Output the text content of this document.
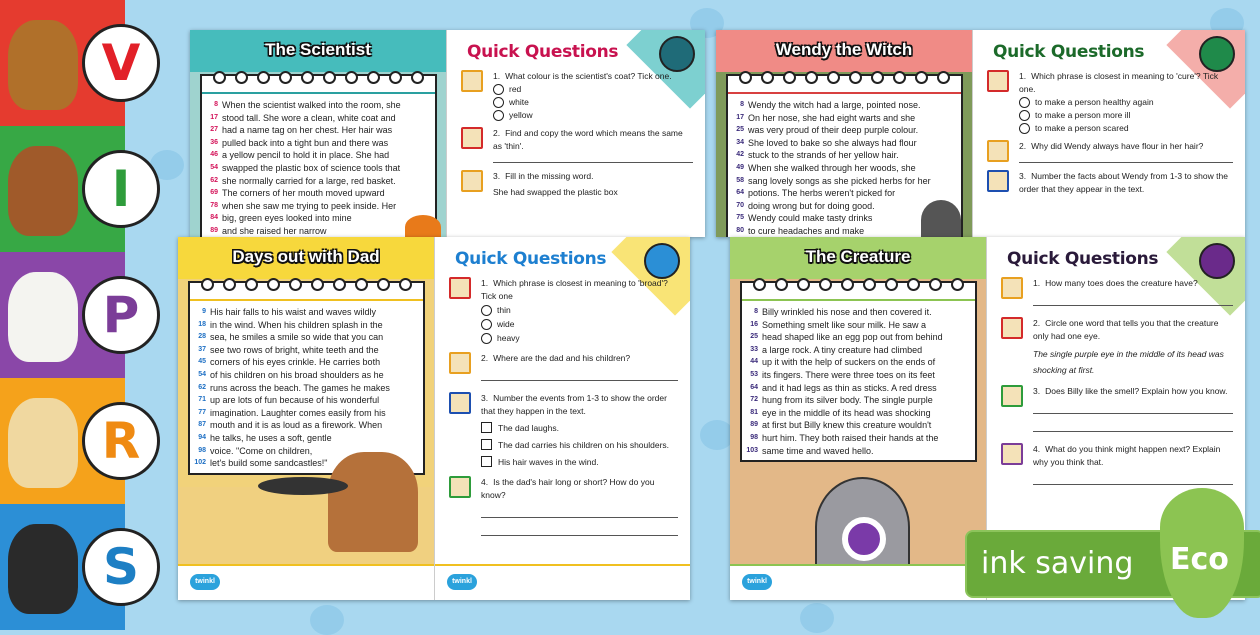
V
I
P
R
S
The Scientist
8 When the scientist walked into the room, she
17 stood tall. She wore a clean, white coat and
27 had a name tag on her chest. Her hair was
36 pulled back into a tight bun and there was
46 a yellow pencil to hold it in place. She had
54 swapped the plastic box of science tools that
62 she normally carried for a large, red basket.
69 The corners of her mouth moved upward
78 when she saw me trying to peek inside. Her
84 big, green eyes looked into mine
89 and she raised her narrow
Quick Questions
1. What colour is the scientist's coat? Tick one.
red
white
yellow
2. Find and copy the word which means the same as 'thin'.
3. Fill in the missing word.
She had swapped the plastic box
Wendy the Witch
8 Wendy the witch had a large, pointed nose.
17 On her nose, she had eight warts and she
25 was very proud of their deep purple colour.
34 She loved to bake so she always had flour
42 stuck to the strands of her yellow hair.
49 When she walked through her woods, she
58 sang lovely songs as she picked herbs for her
64 potions. The herbs weren't picked for
70 doing wrong but for doing good.
75 Wendy could make tasty drinks
80 to cure headaches and make
Quick Questions
1. Which phrase is closest in meaning to 'cure'? Tick one.
to make a person healthy again
to make a person more ill
to make a person scared
2. Why did Wendy always have flour in her hair?
3. Number the facts about Wendy from 1-3 to show the order that they appear in the text.
Days out with Dad
9 His hair falls to his waist and waves wildly
18 in the wind. When his children splash in the
28 sea, he smiles a smile so wide that you can
37 see two rows of bright, white teeth and the
45 corners of his eyes crinkle. He carries both
54 of his children on his broad shoulders as he
62 runs across the beach. The games he makes
71 up are lots of fun because of his wonderful
77 imagination. Laughter comes easily from his
87 mouth and it is as loud as a firework. When
94 he talks, he uses a soft, gentle
98 voice. "Come on children,
102 let's build some sandcastles!"
twinkl
Quick Questions
1. Which phrase is closest in meaning to 'broad'? Tick one
thin
wide
heavy
2. Where are the dad and his children?
3. Number the events from 1-3 to show the order that they happen in the text.
The dad laughs.
The dad carries his children on his shoulders.
His hair waves in the wind.
4. Is the dad's hair long or short? How do you know?
twinkl
The Creature
8 Billy wrinkled his nose and then covered it.
16 Something smelt like sour milk. He saw a
25 head shaped like an egg pop out from behind
33 a large rock. A tiny creature had climbed
44 up it with the help of suckers on the ends of
53 its fingers. There were three toes on its feet
64 and it had legs as thin as sticks. A red dress
72 hung from its silver body. The single purple
81 eye in the middle of its head was shocking
89 at first but Billy knew this creature wouldn't
98 hurt him. They both raised their hands at the
103 same time and waved hello.
twinkl
Quick Questions
1. How many toes does the creature have?
2. Circle one word that tells you that the creature only had one eye.
The single purple eye in the middle of its head was shocking at first.
3. Does Billy like the smell? Explain how you know.
4. What do you think might happen next? Explain why you think that.
ink saving Eco
